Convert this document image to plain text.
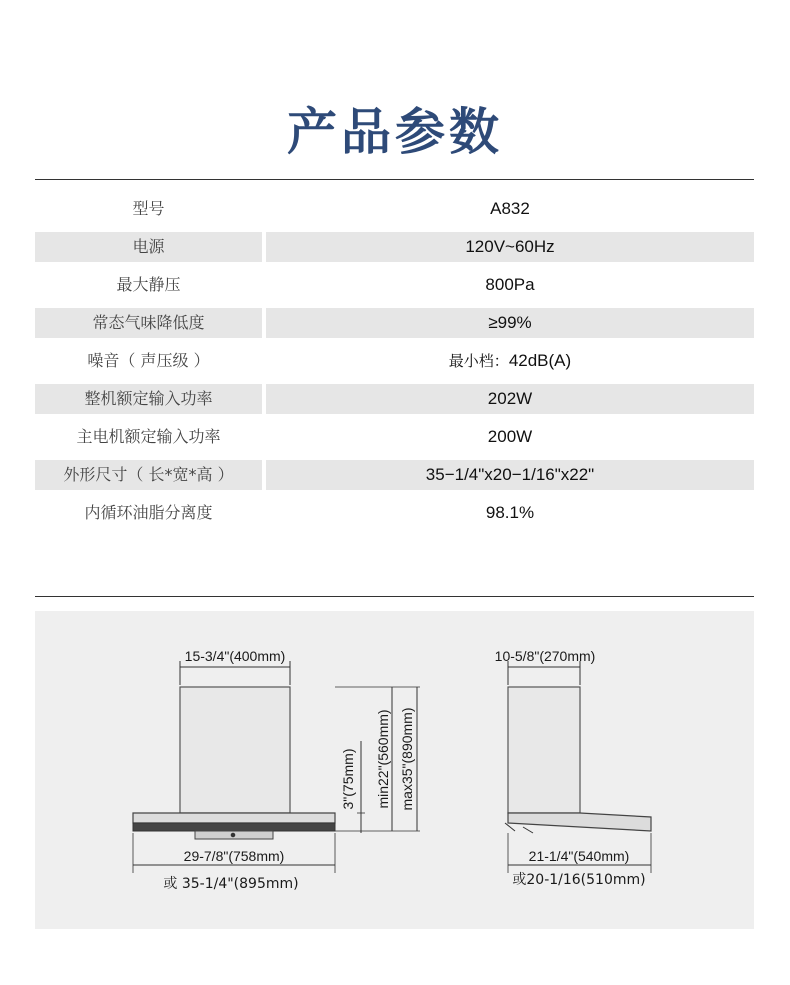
产品参数
型号	A832
电源	120V~60Hz
最大静压	800Pa
常态气味降低度	≥99%
噪音（ 声压级 ）	最小档：42dB(A)
整机额定输入功率	202W
主电机额定输入功率	200W
外形尺寸（ 长*宽*高 ）	35−1/4"x20−1/16"x22"
内循环油脂分离度	98.1%
15-3/4"(400mm)
3"(75mm) min22"(560mm) max35"(890mm)
29-7/8"(758mm)
或 35-1/4"(895mm)
10-5/8"(270mm)
21-1/4"(540mm)
或20-1/16(510mm)
